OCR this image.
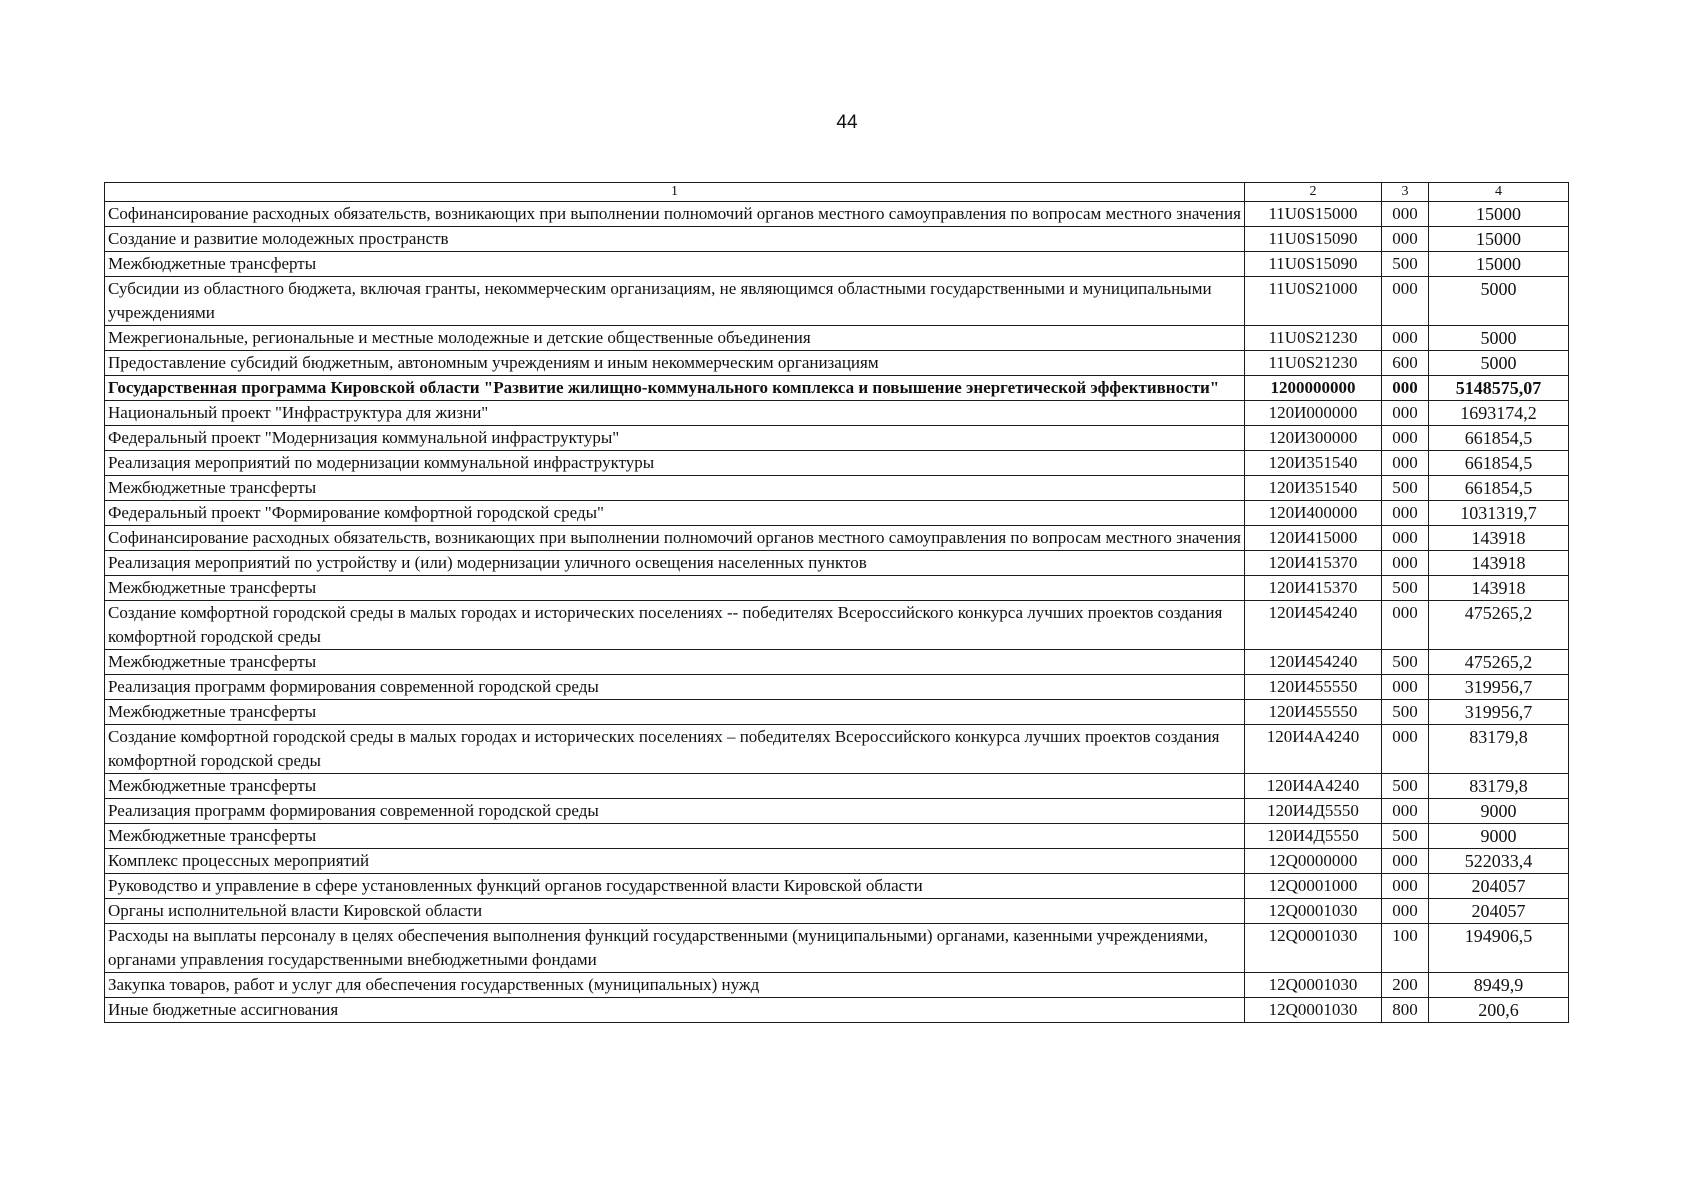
44
1	2	3	4
Софинансирование расходных обязательств, возникающих при выполнении полномочий органов местного самоуправления по вопросам местного значения	11U0S15000	000	15000
Создание и развитие молодежных пространств	11U0S15090	000	15000
Межбюджетные трансферты	11U0S15090	500	15000
Субсидии из областного бюджета, включая гранты, некоммерческим организациям, не являющимся областными государственными и муниципальными учреждениями	11U0S21000	000	5000
Межрегиональные, региональные и местные молодежные и детские общественные объединения	11U0S21230	000	5000
Предоставление субсидий бюджетным, автономным учреждениям и иным некоммерческим организациям	11U0S21230	600	5000
Государственная программа Кировской области "Развитие жилищно-коммунального комплекса и повышение энергетической эффективности"	1200000000	000	5148575,07
Национальный проект "Инфраструктура для жизни"	120И000000	000	1693174,2
Федеральный проект "Модернизация коммунальной инфраструктуры"	120И300000	000	661854,5
Реализация мероприятий по модернизации коммунальной инфраструктуры	120И351540	000	661854,5
Межбюджетные трансферты	120И351540	500	661854,5
Федеральный проект "Формирование комфортной городской среды"	120И400000	000	1031319,7
Софинансирование расходных обязательств, возникающих при выполнении полномочий органов местного самоуправления по вопросам местного значения	120И415000	000	143918
Реализация мероприятий по устройству и (или) модернизации уличного освещения населенных пунктов	120И415370	000	143918
Межбюджетные трансферты	120И415370	500	143918
Создание комфортной городской среды в малых городах и исторических поселениях -- победителях Всероссийского конкурса лучших проектов создания комфортной городской среды	120И454240	000	475265,2
Межбюджетные трансферты	120И454240	500	475265,2
Реализация программ формирования современной городской среды	120И455550	000	319956,7
Межбюджетные трансферты	120И455550	500	319956,7
Создание комфортной городской среды в малых городах и исторических поселениях – победителях Всероссийского конкурса лучших проектов создания комфортной городской среды	120И4А4240	000	83179,8
Межбюджетные трансферты	120И4А4240	500	83179,8
Реализация программ формирования современной городской среды	120И4Д5550	000	9000
Межбюджетные трансферты	120И4Д5550	500	9000
Комплекс процессных мероприятий	12Q0000000	000	522033,4
Руководство и управление в сфере установленных функций органов государственной власти Кировской области	12Q0001000	000	204057
Органы исполнительной власти Кировской области	12Q0001030	000	204057
Расходы на выплаты персоналу в целях обеспечения выполнения функций государственными (муниципальными) органами, казенными учреждениями, органами управления государственными внебюджетными фондами	12Q0001030	100	194906,5
Закупка товаров, работ и услуг для обеспечения государственных (муниципальных) нужд	12Q0001030	200	8949,9
Иные бюджетные ассигнования	12Q0001030	800	200,6
